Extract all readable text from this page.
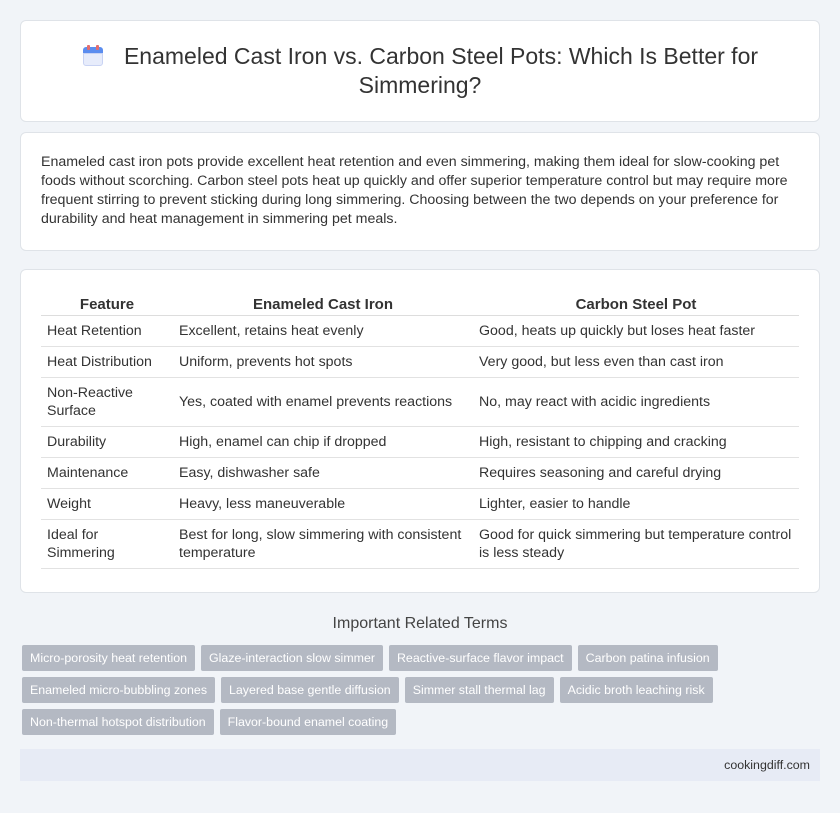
Enameled Cast Iron vs. Carbon Steel Pots: Which Is Better for Simmering?

Enameled cast iron pots provide excellent heat retention and even simmering, making them ideal for slow-cooking pet foods without scorching. Carbon steel pots heat up quickly and offer superior temperature control but may require more frequent stirring to prevent sticking during long simmering. Choosing between the two depends on your preference for durability and heat management in simmering pet meals.

Feature	Enameled Cast Iron	Carbon Steel Pot
Heat Retention	Excellent, retains heat evenly	Good, heats up quickly but loses heat faster
Heat Distribution	Uniform, prevents hot spots	Very good, but less even than cast iron
Non-Reactive Surface	Yes, coated with enamel prevents reactions	No, may react with acidic ingredients
Durability	High, enamel can chip if dropped	High, resistant to chipping and cracking
Maintenance	Easy, dishwasher safe	Requires seasoning and careful drying
Weight	Heavy, less maneuverable	Lighter, easier to handle
Ideal for Simmering	Best for long, slow simmering with consistent temperature	Good for quick simmering but temperature control is less steady
Important Related Terms
Micro-porosity heat retention	Glaze-interaction slow simmer	Reactive-surface flavor impact	Carbon patina infusion
Enameled micro-bubbling zones	Layered base gentle diffusion	Simmer stall thermal lag	Acidic broth leaching risk
Non-thermal hotspot distribution	Flavor-bound enamel coating
cookingdiff.com
